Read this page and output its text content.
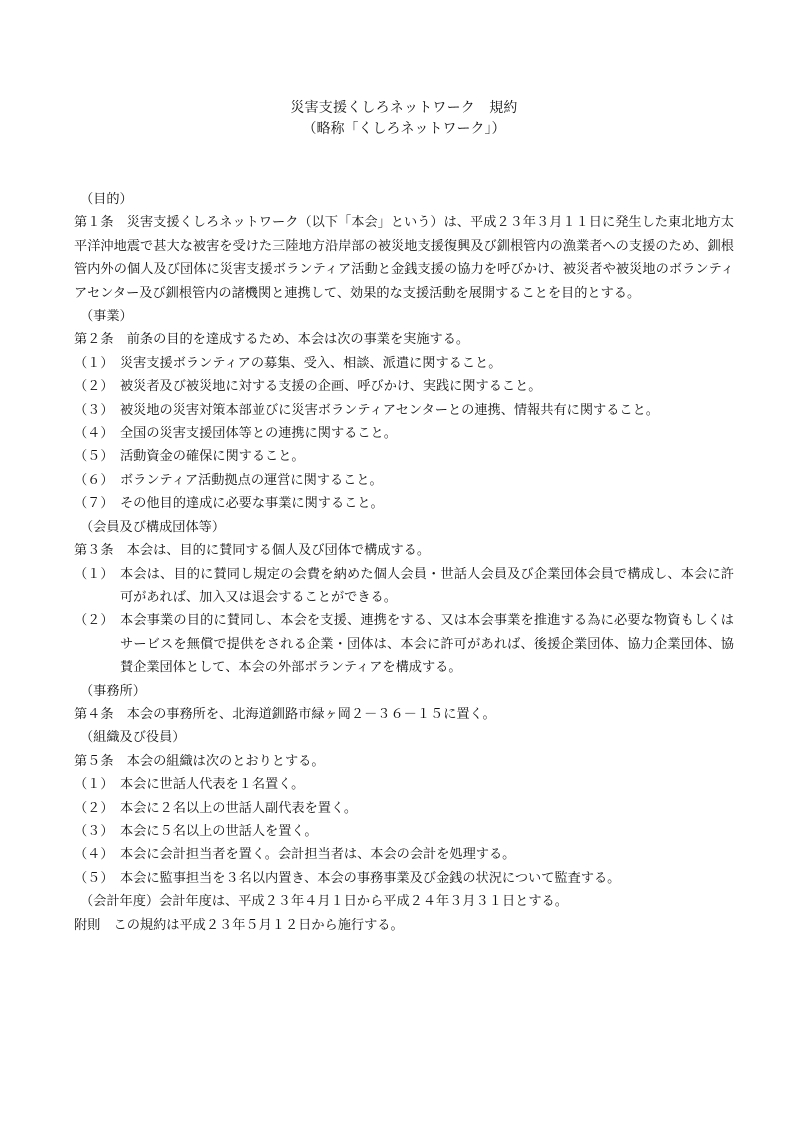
災害支援くしろネットワーク　規約
（略称「くしろネットワーク」）

（目的）

第１条　災害支援くしろネットワーク（以下「本会」という）は、平成２３年３月１１日に発生した東北地方太平洋沖地震で甚大な被害を受けた三陸地方沿岸部の被災地支援復興及び釧根管内の漁業者への支援のため、釧根管内外の個人及び団体に災害支援ボランティア活動と金銭支援の協力を呼びかけ、被災者や被災地のボランティアセンター及び釧根管内の諸機関と連携して、効果的な支援活動を展開することを目的とする。

（事業）

第２条　前条の目的を達成するため、本会は次の事業を実施する。

（１） 災害支援ボランティアの募集、受入、相談、派遣に関すること。
（２） 被災者及び被災地に対する支援の企画、呼びかけ、実践に関すること。
（３） 被災地の災害対策本部並びに災害ボランティアセンターとの連携、情報共有に関すること。
（４） 全国の災害支援団体等との連携に関すること。
（５） 活動資金の確保に関すること。
（６） ボランティア活動拠点の運営に関すること。
（７） その他目的達成に必要な事業に関すること。

（会員及び構成団体等）

第３条　本会は、目的に賛同する個人及び団体で構成する。

（１） 本会は、目的に賛同し規定の会費を納めた個人会員・世話人会員及び企業団体会員で構成し、本会に許可があれば、加入又は退会することができる。
（２） 本会事業の目的に賛同し、本会を支援、連携をする、又は本会事業を推進する為に必要な物資もしくはサービスを無償で提供をされる企業・団体は、本会に許可があれば、後援企業団体、協力企業団体、協賛企業団体として、本会の外部ボランティアを構成する。

（事務所）

第４条　本会の事務所を、北海道釧路市緑ヶ岡２－３６－１５に置く。

（組織及び役員）

第５条　本会の組織は次のとおりとする。

（１） 本会に世話人代表を１名置く。
（２） 本会に２名以上の世話人副代表を置く。
（３） 本会に５名以上の世話人を置く。
（４） 本会に会計担当者を置く。会計担当者は、本会の会計を処理する。
（５） 本会に監事担当を３名以内置き、本会の事務事業及び金銭の状況について監査する。

（会計年度）会計年度は、平成２３年４月１日から平成２４年３月３１日とする。

附則　この規約は平成２３年５月１２日から施行する。
